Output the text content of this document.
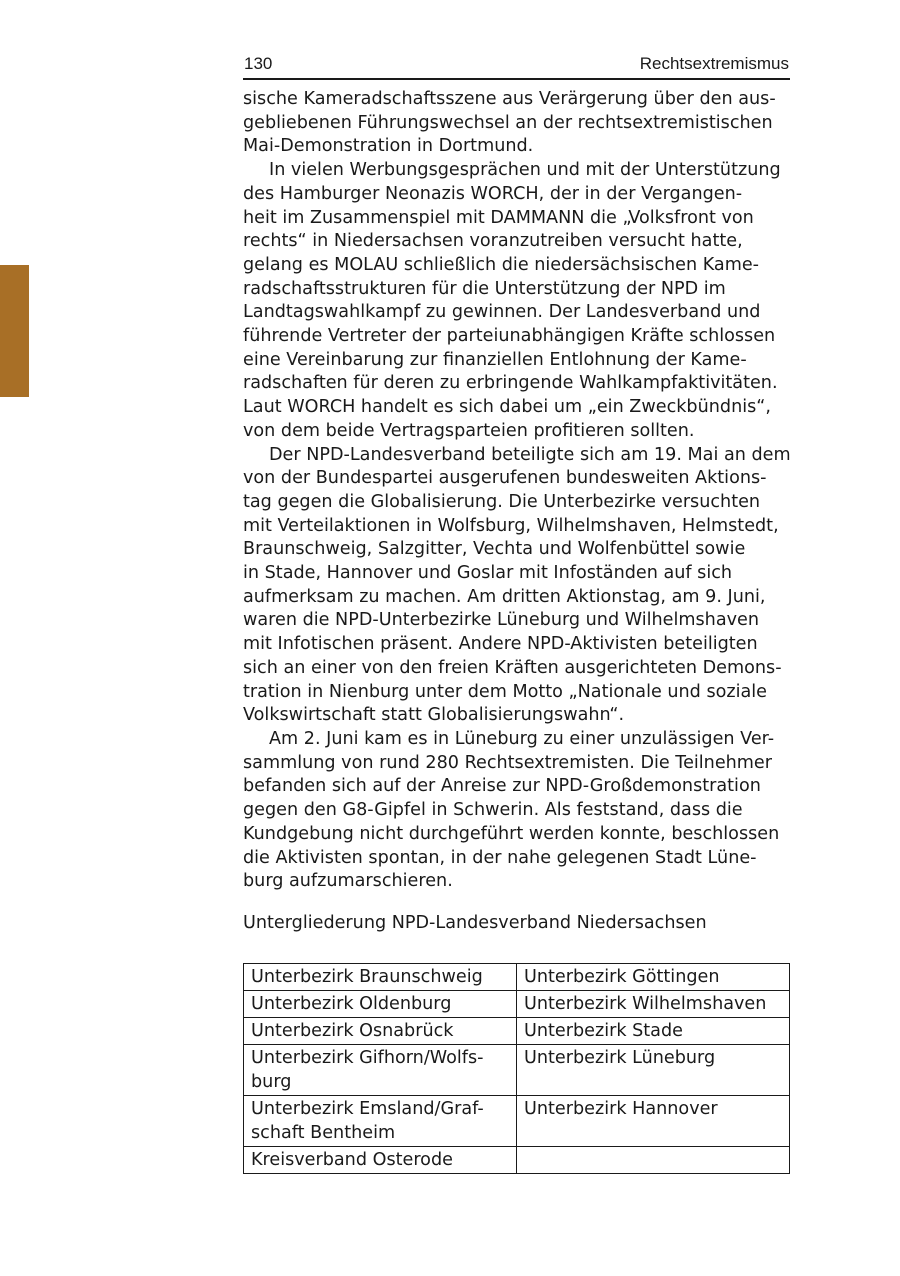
130	Rechtsextremismus

sische Kameradschaftsszene aus Verärgerung über den aus-
gebliebenen Führungswechsel an der rechtsextremistischen
Mai-Demonstration in Dortmund.

In vielen Werbungsgesprächen und mit der Unterstützung
des Hamburger Neonazis WORCH, der in der Vergangen-
heit im Zusammenspiel mit DAMMANN die „Volksfront von
rechts“ in Niedersachsen voranzutreiben versucht hatte,
gelang es MOLAU schließlich die niedersächsischen Kame-
radschaftsstrukturen für die Unterstützung der NPD im
Landtagswahlkampf zu gewinnen. Der Landesverband und
führende Vertreter der parteiunabhängigen Kräfte schlossen
eine Vereinbarung zur finanziellen Entlohnung der Kame-
radschaften für deren zu erbringende Wahlkampfaktivitäten.
Laut WORCH handelt es sich dabei um „ein Zweckbündnis“,
von dem beide Vertragsparteien profitieren sollten.

Der NPD-Landesverband beteiligte sich am 19. Mai an dem
von der Bundespartei ausgerufenen bundesweiten Aktions-
tag gegen die Globalisierung. Die Unterbezirke versuchten
mit Verteilaktionen in Wolfsburg, Wilhelmshaven, Helmstedt,
Braunschweig, Salzgitter, Vechta und Wolfenbüttel sowie
in Stade, Hannover und Goslar mit Infoständen auf sich
aufmerksam zu machen. Am dritten Aktionstag, am 9. Juni,
waren die NPD-Unterbezirke Lüneburg und Wilhelmshaven
mit Infotischen präsent. Andere NPD-Aktivisten beteiligten
sich an einer von den freien Kräften ausgerichteten Demons-
tration in Nienburg unter dem Motto „Nationale und soziale
Volkswirtschaft statt Globalisierungswahn“.

Am 2. Juni kam es in Lüneburg zu einer unzulässigen Ver-
sammlung von rund 280 Rechtsextremisten. Die Teilnehmer
befanden sich auf der Anreise zur NPD-Großdemonstration
gegen den G8-Gipfel in Schwerin. Als feststand, dass die
Kundgebung nicht durchgeführt werden konnte, beschlossen
die Aktivisten spontan, in der nahe gelegenen Stadt Lüne-
burg aufzumarschieren.

Untergliederung NPD-Landesverband Niedersachsen
Unterbezirk Braunschweig	Unterbezirk Göttingen

Unterbezirk Oldenburg	Unterbezirk Wilhelmshaven

Unterbezirk Osnabrück	Unterbezirk Stade

Unterbezirk Gifhorn/Wolfs-
burg	Unterbezirk Lüneburg

Unterbezirk Emsland/Graf-
schaft Bentheim	Unterbezirk Hannover

Kreisverband Osterode	
